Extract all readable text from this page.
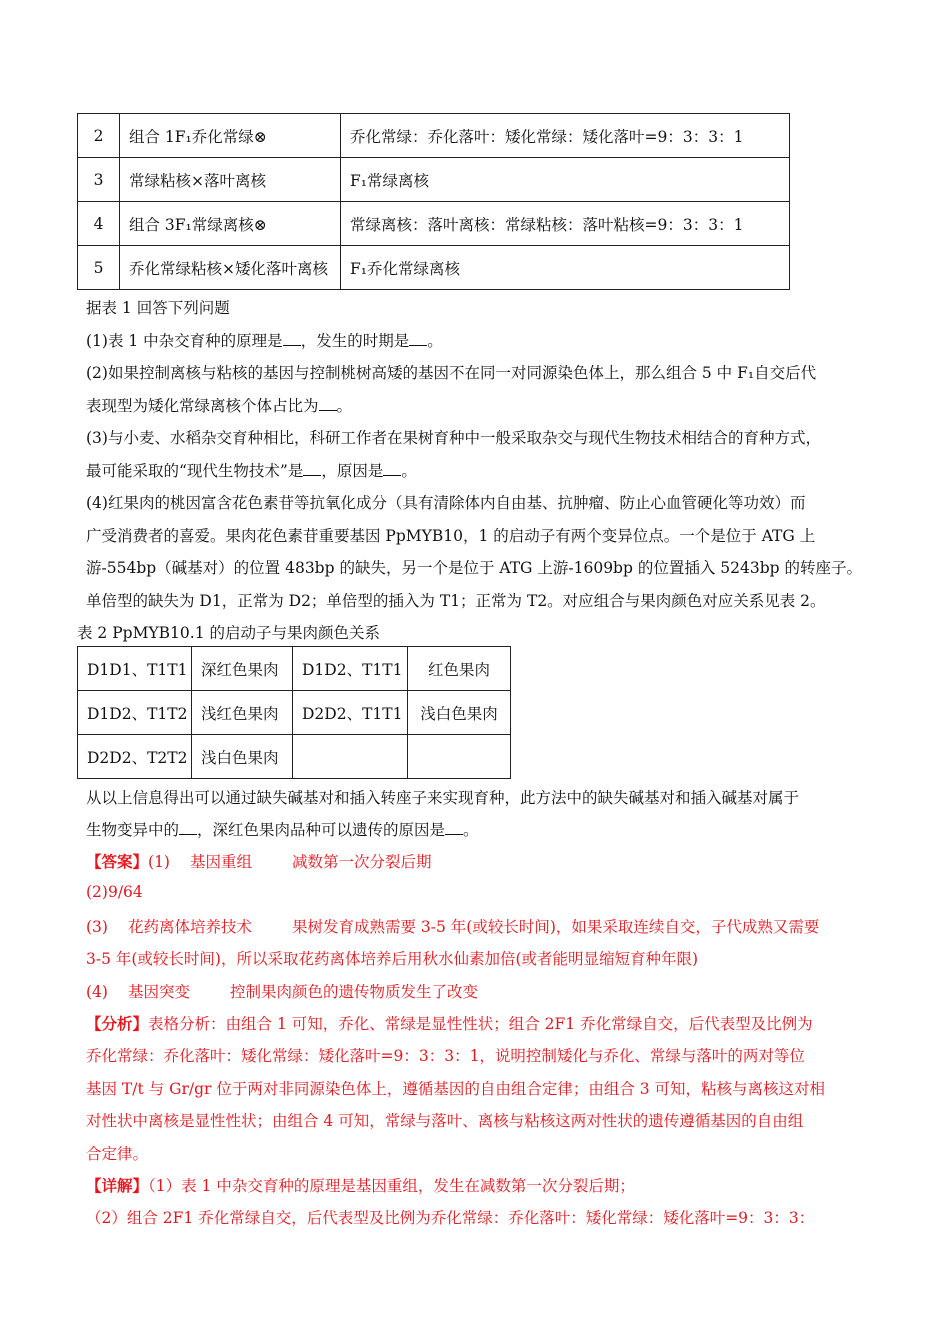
2	组合 1F₁乔化常绿⊗	乔化常绿：乔化落叶：矮化常绿：矮化落叶=9：3：3：1
3	常绿粘核×落叶离核	F₁常绿离核
4	组合 3F₁常绿离核⊗	常绿离核：落叶离核：常绿粘核：落叶粘核=9：3：3：1
5	乔化常绿粘核×矮化落叶离核	F₁乔化常绿离核
据表 1 回答下列问题
(1)表 1 中杂交育种的原理是 ，发生的时期是 。
(2)如果控制离核与粘核的基因与控制桃树高矮的基因不在同一对同源染色体上，那么组合 5 中 F₁自交后代
表现型为矮化常绿离核个体占比为 。
(3)与小麦、水稻杂交育种相比，科研工作者在果树育种中一般采取杂交与现代生物技术相结合的育种方式，
最可能采取的“现代生物技术”是 ，原因是 。
(4)红果肉的桃因富含花色素苷等抗氧化成分（具有清除体内自由基、抗肿瘤、防止心血管硬化等功效）而
广受消费者的喜爱。果肉花色素苷重要基因 PpMYB10，1 的启动子有两个变异位点。一个是位于 ATG 上
游-554bp（碱基对）的位置 483bp 的缺失，另一个是位于 ATG 上游-1609bp 的位置插入 5243bp 的转座子。
单倍型的缺失为 D1，正常为 D2；单倍型的插入为 T1；正常为 T2。对应组合与果肉颜色对应关系见表 2。
表 2 PpMYB10.1 的启动子与果肉颜色关系
D1D1、T1T1	深红色果肉	D1D2、T1T1	红色果肉
D1D2、T1T2	浅红色果肉	D2D2、T1T1	浅白色果肉
D2D2、T2T2	浅白色果肉		
从以上信息得出可以通过缺失碱基对和插入转座子来实现育种，此方法中的缺失碱基对和插入碱基对属于
生物变异中的 ，深红色果肉品种可以遗传的原因是 。
【答案】(1) 基因重组	减数第一次分裂后期
(2)9/64
(3) 花药离体培养技术	果树发育成熟需要 3-5 年(或较长时间)，如果采取连续自交，子代成熟又需要
3-5 年(或较长时间)，所以采取花药离体培养后用秋水仙素加倍(或者能明显缩短育种年限)
(4) 基因突变	控制果肉颜色的遗传物质发生了改变
【分析】表格分析：由组合 1 可知，乔化、常绿是显性性状；组合 2F1 乔化常绿自交，后代表型及比例为
乔化常绿：乔化落叶：矮化常绿：矮化落叶=9：3：3：1，说明控制矮化与乔化、常绿与落叶的两对等位
基因 T/t 与 Gr/gr 位于两对非同源染色体上，遵循基因的自由组合定律；由组合 3 可知，粘核与离核这对相
对性状中离核是显性性状；由组合 4 可知，常绿与落叶、离核与粘核这两对性状的遗传遵循基因的自由组
合定律。
【详解】（1）表 1 中杂交育种的原理是基因重组，发生在减数第一次分裂后期；
（2）组合 2F1 乔化常绿自交，后代表型及比例为乔化常绿：乔化落叶：矮化常绿：矮化落叶=9：3：3：
